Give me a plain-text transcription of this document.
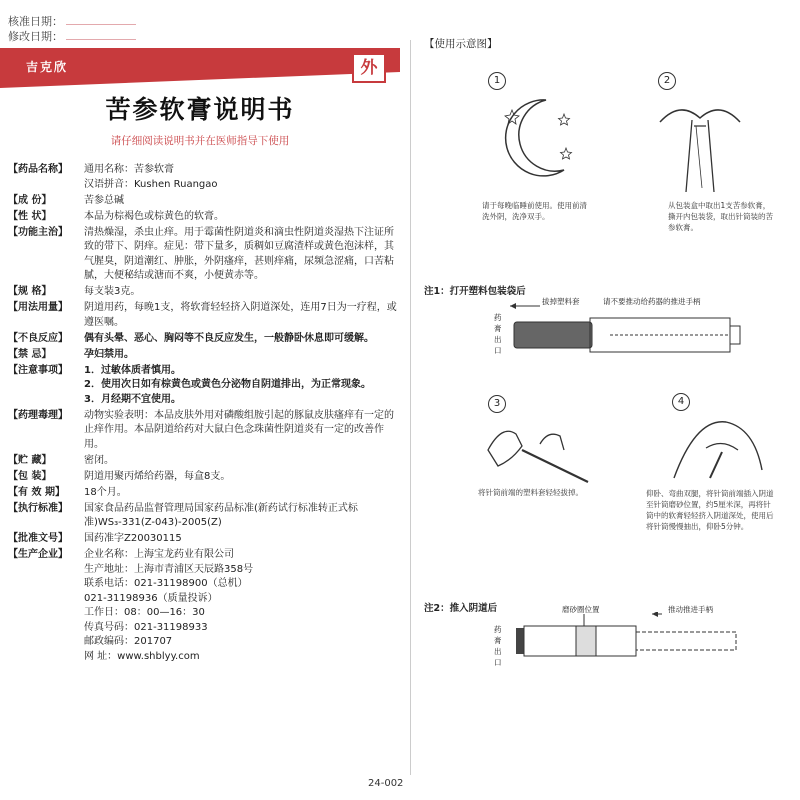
核准日期：
修改日期：
吉克欣	外
苦参软膏说明书
请仔细阅读说明书并在医师指导下使用
【药品名称】	通用名称：苦参软膏
汉语拼音：Kushen Ruangao
【成 份】	苦参总碱
【性 状】	本品为棕褐色或棕黄色的软膏。
【功能主治】	清热燥湿，杀虫止痒。用于霉菌性阴道炎和滴虫性阴道炎湿热下注证所致的带下、阴痒。症见：带下量多，质稠如豆腐渣样或黄色泡沫样，其气腥臭，阴道潮红、肿胀，外阴瘙痒，甚则痒痛，尿频急涩痛，口苦粘腻，大便秘结或溏而不爽，小便黄赤等。
【规 格】	每支装3克。
【用法用量】	阴道用药，每晚1支，将软膏轻轻挤入阴道深处，连用7日为一疗程，或遵医嘱。
【不良反应】	偶有头晕、恶心、胸闷等不良反应发生，一般静卧休息即可缓解。
【禁 忌】	孕妇禁用。
【注意事项】	1．过敏体质者慎用。
2．使用次日如有棕黄色或黄色分泌物自阴道排出，为正常现象。
3．月经期不宜使用。
【药理毒理】	动物实验表明：本品皮肤外用对磷酸组胺引起的豚鼠皮肤瘙痒有一定的止痒作用。本品阴道给药对大鼠白色念珠菌性阴道炎有一定的改善作用。
【贮 藏】	密闭。
【包 装】	阴道用聚丙烯给药器，每盒8支。
【有 效 期】	18个月。
【执行标准】	国家食品药品监督管理局国家药品标准(新药试行标准转正式标准)WS₃-331(Z-043)-2005(Z)
【批准文号】	国药准字Z20030115
【生产企业】	企业名称：上海宝龙药业有限公司
生产地址：上海市青浦区天辰路358号
联系电话：021-31198900（总机）
021-31198936（质量投诉）
工作日：08：00—16：30
传真号码：021-31198933
邮政编码：201707
网 址：www.shblyy.com
【使用示意图】
1
请于每晚临睡前使用。使用前清洗外阴，洗净双手。
2
从包装盒中取出1支苦参软膏，撕开内包装袋，取出针筒装的苦参软膏。
注1：打开塑料包装袋后
拔掉塑料套	请不要推动给药器的推进手柄
药膏出口
3
将针筒前端的塑料套轻轻拔掉。
4
仰卧、弯曲双腿，将针筒前端插入阴道至针筒磨砂位置，约5厘米深，再将针筒中的软膏轻轻挤入阴道深处，使用后将针筒慢慢抽出，仰卧5分钟。
注2：推入阴道后	磨砂圈位置	推动推进手柄
药膏出口
24-002
